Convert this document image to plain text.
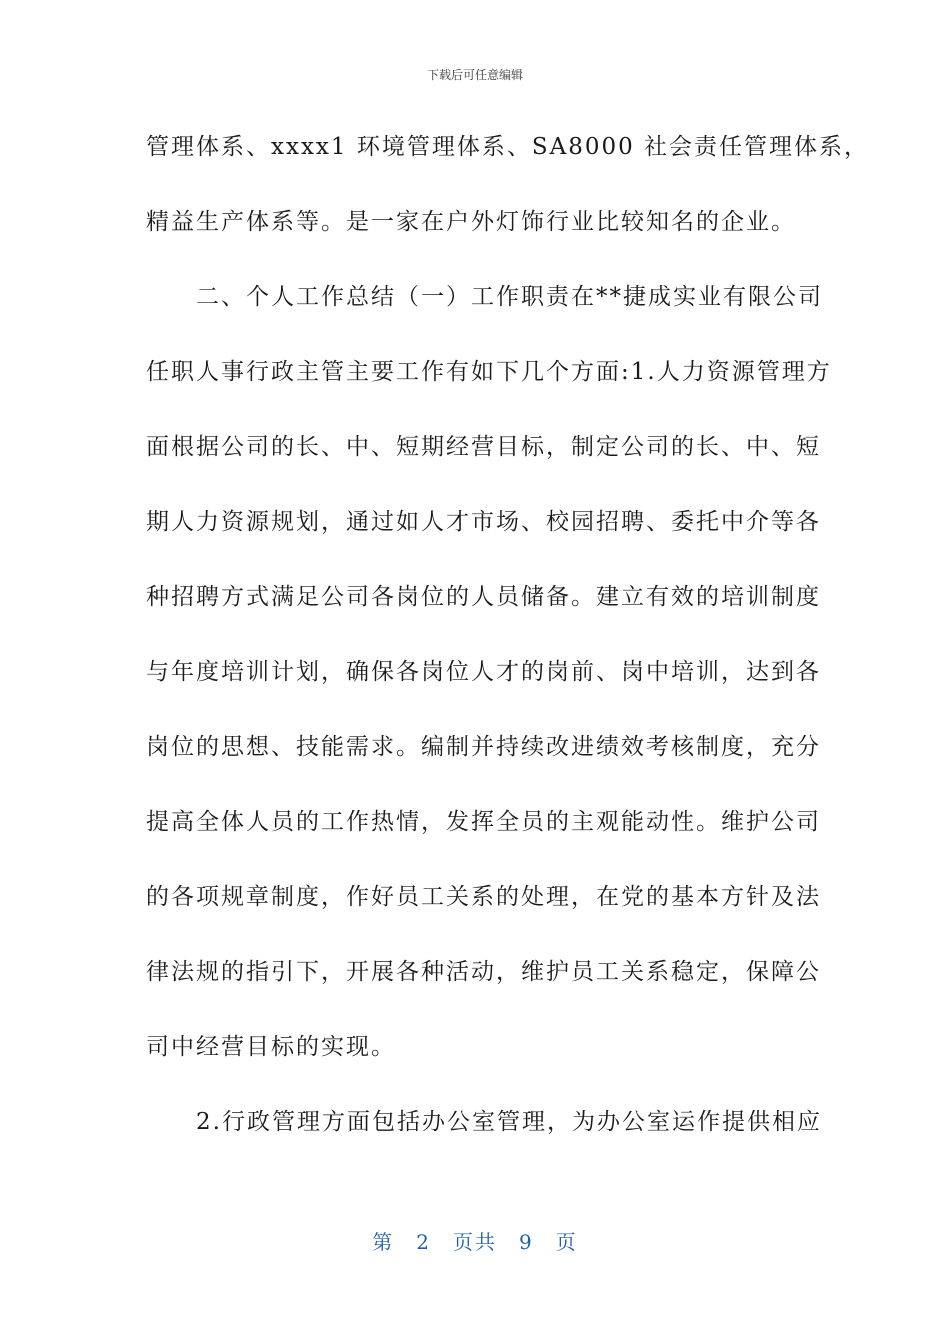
下载后可任意编辑
管理体系、xxxx1 环境管理体系、SA8000 社会责任管理体系，
精益生产体系等。是一家在户外灯饰行业比较知名的企业。
　　二、个人工作总结（一）工作职责在**捷成实业有限公司
任职人事行政主管主要工作有如下几个方面:1.人力资源管理方
面根据公司的长、中、短期经营目标，制定公司的长、中、短
期人力资源规划，通过如人才市场、校园招聘、委托中介等各
种招聘方式满足公司各岗位的人员储备。建立有效的培训制度
与年度培训计划，确保各岗位人才的岗前、岗中培训，达到各
岗位的思想、技能需求。编制并持续改进绩效考核制度，充分
提高全体人员的工作热情，发挥全员的主观能动性。维护公司
的各项规章制度，作好员工关系的处理，在党的基本方针及法
律法规的指引下，开展各种活动，维护员工关系稳定，保障公
司中经营目标的实现。
　　2.行政管理方面包括办公室管理，为办公室运作提供相应
第　2　页共　9　页
